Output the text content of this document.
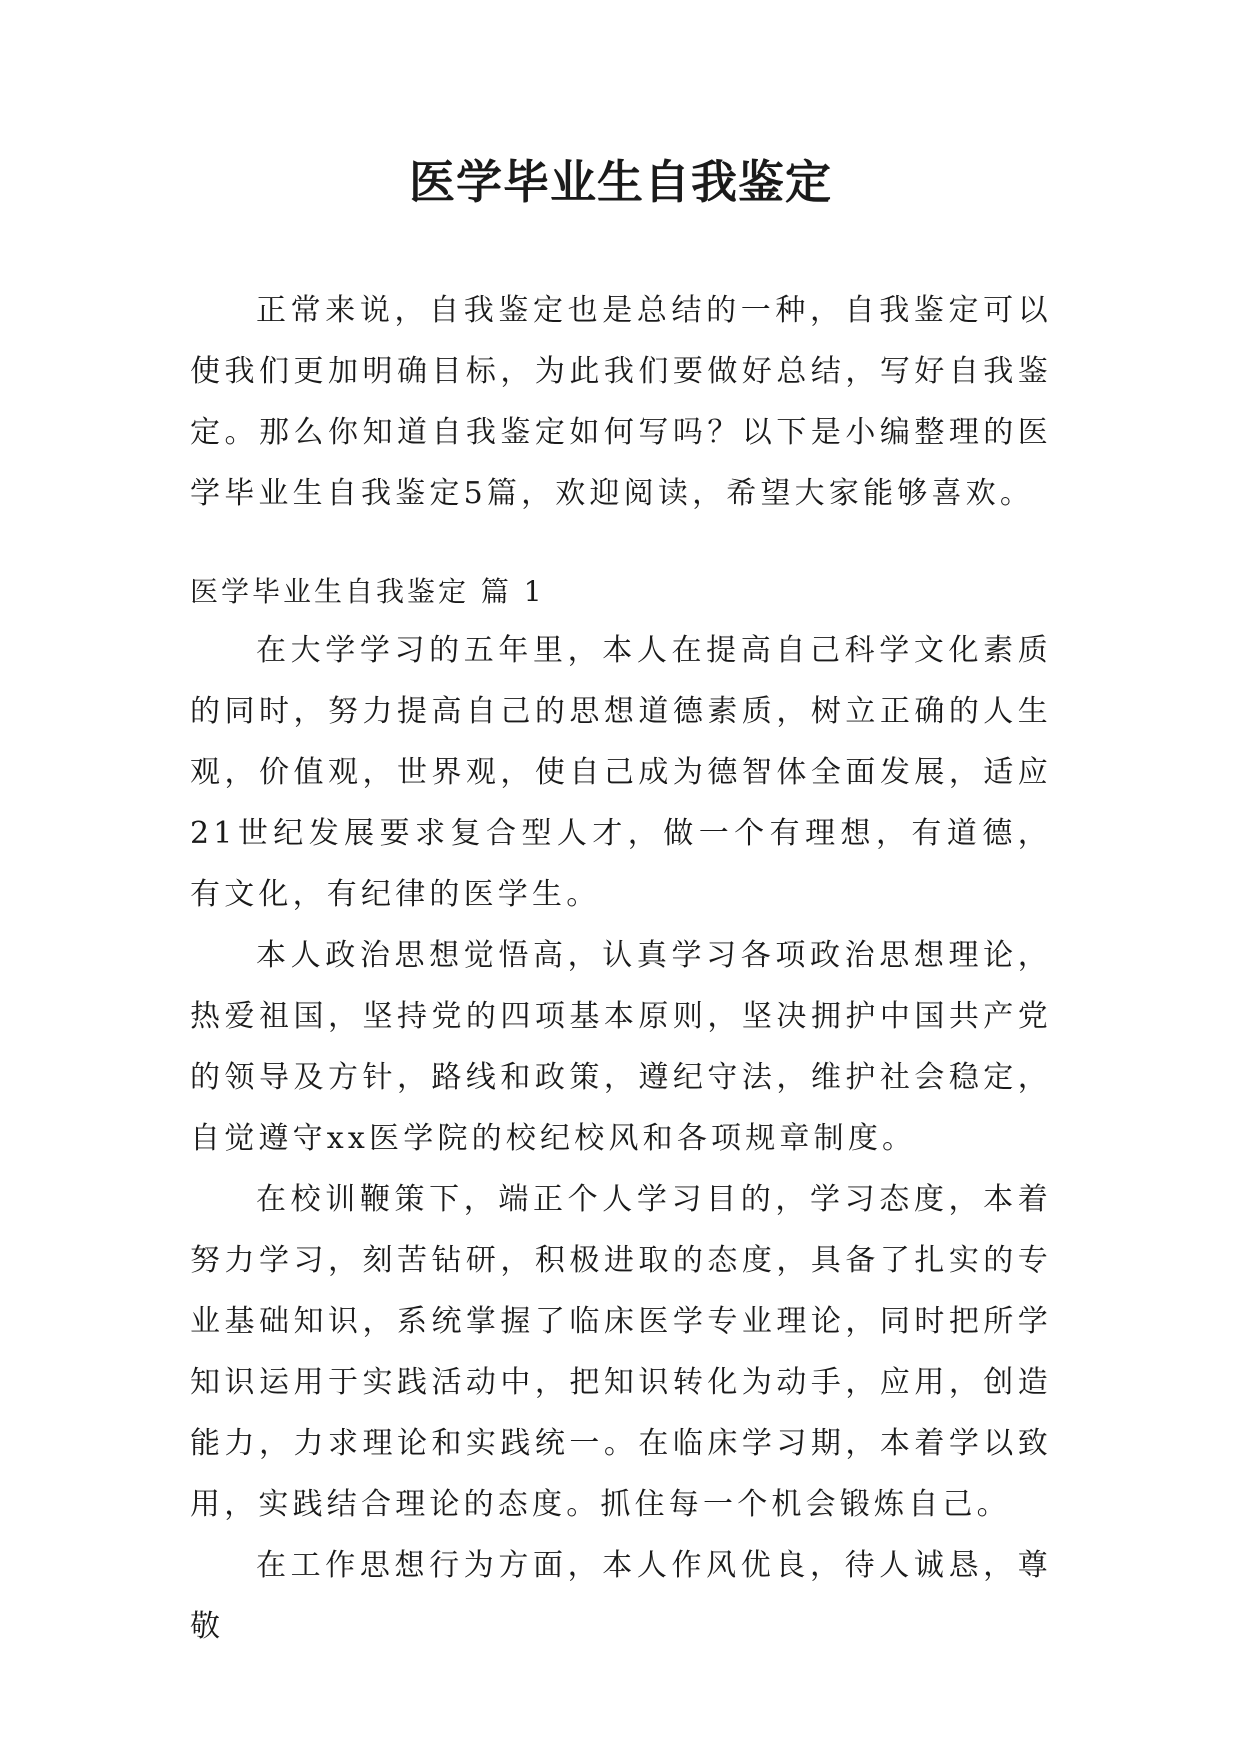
医学毕业生自我鉴定

正常来说，自我鉴定也是总结的一种，自我鉴定可以使我们更加明确目标，为此我们要做好总结，写好自我鉴定。那么你知道自我鉴定如何写吗？以下是小编整理的医学毕业生自我鉴定5篇，欢迎阅读，希望大家能够喜欢。

医学毕业生自我鉴定 篇 1

在大学学习的五年里，本人在提高自己科学文化素质的同时，努力提高自己的思想道德素质，树立正确的人生观，价值观，世界观，使自己成为德智体全面发展，适应21世纪发展要求复合型人才，做一个有理想，有道德，有文化，有纪律的医学生。

本人政治思想觉悟高，认真学习各项政治思想理论，热爱祖国，坚持党的四项基本原则，坚决拥护中国共产党的领导及方针，路线和政策，遵纪守法，维护社会稳定，自觉遵守xx医学院的校纪校风和各项规章制度。

在校训鞭策下，端正个人学习目的，学习态度，本着努力学习，刻苦钻研，积极进取的态度，具备了扎实的专业基础知识，系统掌握了临床医学专业理论，同时把所学知识运用于实践活动中，把知识转化为动手，应用，创造能力，力求理论和实践统一。在临床学习期，本着学以致用，实践结合理论的态度。抓住每一个机会锻炼自己。

在工作思想行为方面，本人作风优良，待人诚恳，尊敬
